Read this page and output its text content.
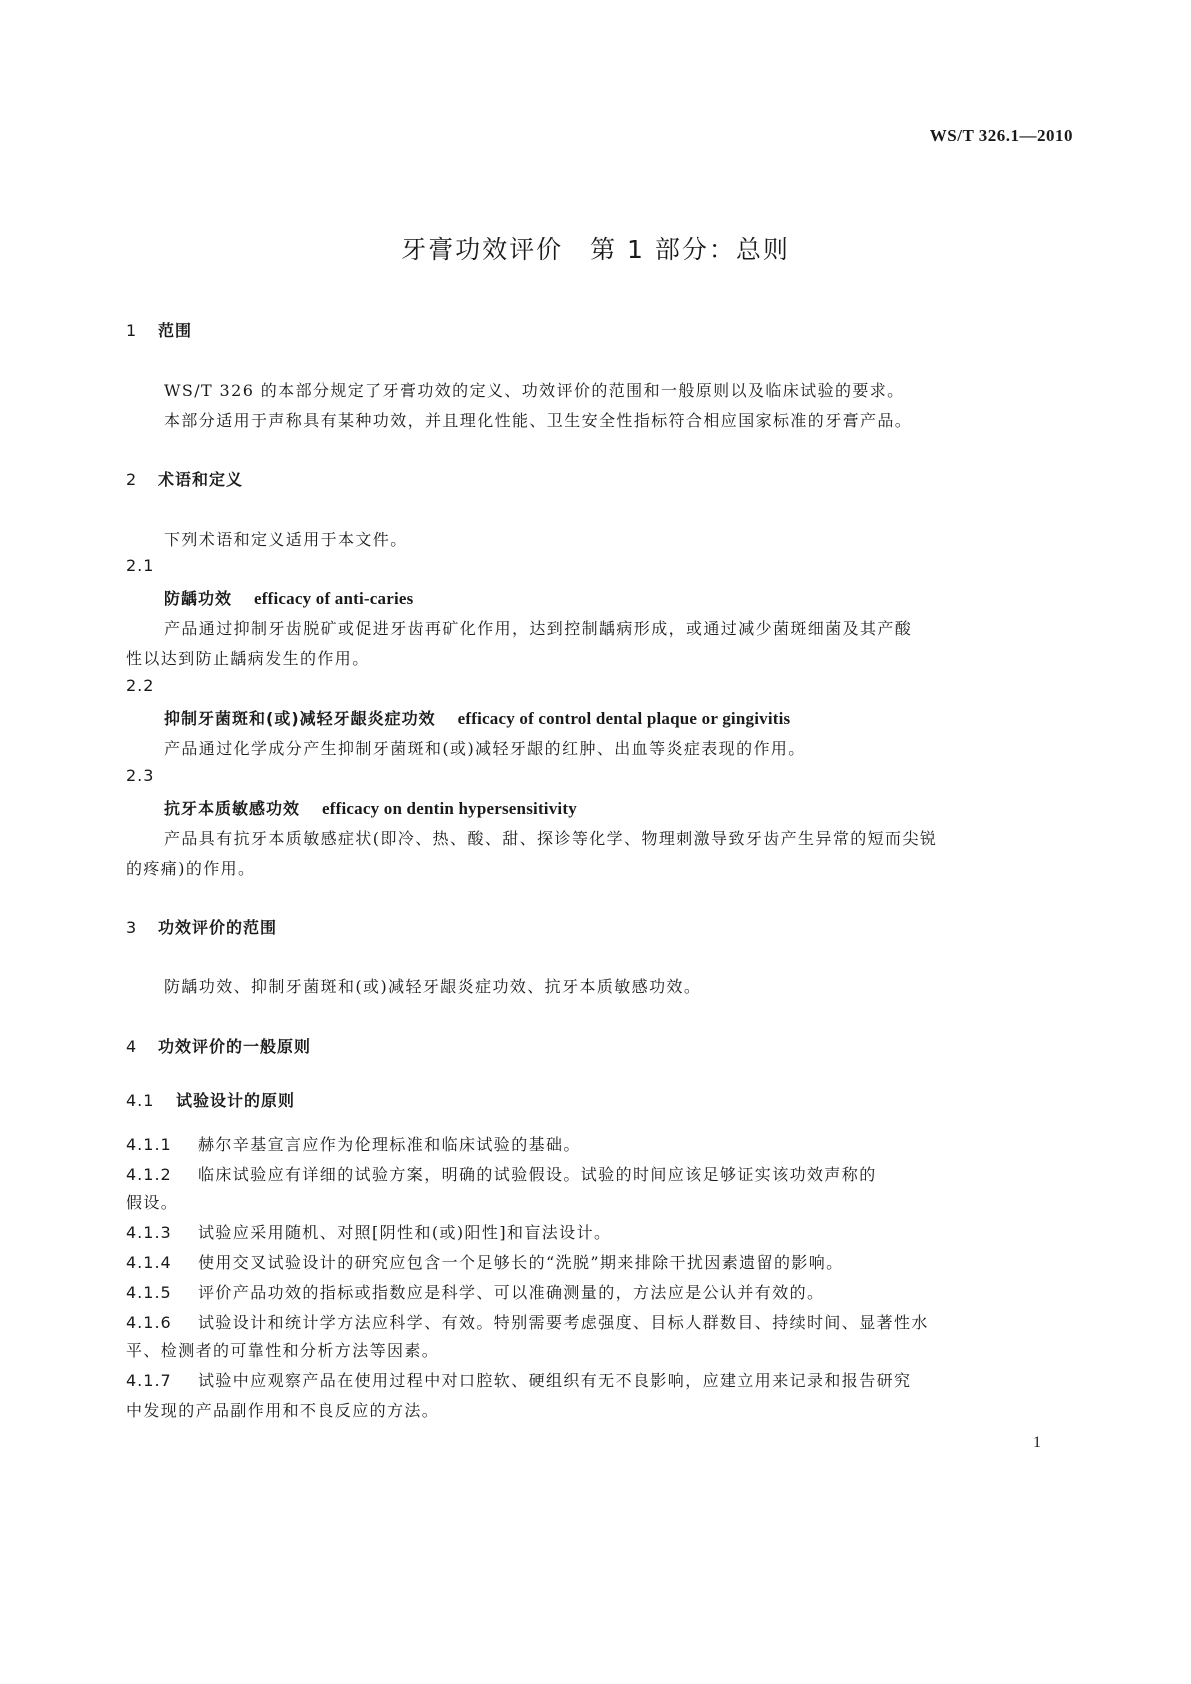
WS/T 326.1—2010
牙膏功效评价　第 1 部分：总则
1 范围
WS/T 326 的本部分规定了牙膏功效的定义、功效评价的范围和一般原则以及临床试验的要求。
本部分适用于声称具有某种功效，并且理化性能、卫生安全性指标符合相应国家标准的牙膏产品。
2 术语和定义
下列术语和定义适用于本文件。
2.1
防龋功效 efficacy of anti-caries
产品通过抑制牙齿脱矿或促进牙齿再矿化作用，达到控制龋病形成，或通过减少菌斑细菌及其产酸
性以达到防止龋病发生的作用。
2.2
抑制牙菌斑和(或)减轻牙龈炎症功效 efficacy of control dental plaque or gingivitis
产品通过化学成分产生抑制牙菌斑和(或)减轻牙龈的红肿、出血等炎症表现的作用。
2.3
抗牙本质敏感功效 efficacy on dentin hypersensitivity
产品具有抗牙本质敏感症状(即冷、热、酸、甜、探诊等化学、物理刺激导致牙齿产生异常的短而尖锐
的疼痛)的作用。
3 功效评价的范围
防龋功效、抑制牙菌斑和(或)减轻牙龈炎症功效、抗牙本质敏感功效。
4 功效评价的一般原则
4.1 试验设计的原则
4.1.1 赫尔辛基宣言应作为伦理标准和临床试验的基础。
4.1.2 临床试验应有详细的试验方案，明确的试验假设。试验的时间应该足够证实该功效声称的
假设。
4.1.3 试验应采用随机、对照[阴性和(或)阳性]和盲法设计。
4.1.4 使用交叉试验设计的研究应包含一个足够长的“洗脱”期来排除干扰因素遗留的影响。
4.1.5 评价产品功效的指标或指数应是科学、可以准确测量的，方法应是公认并有效的。
4.1.6 试验设计和统计学方法应科学、有效。特别需要考虑强度、目标人群数目、持续时间、显著性水
平、检测者的可靠性和分析方法等因素。
4.1.7 试验中应观察产品在使用过程中对口腔软、硬组织有无不良影响，应建立用来记录和报告研究
中发现的产品副作用和不良反应的方法。
1
